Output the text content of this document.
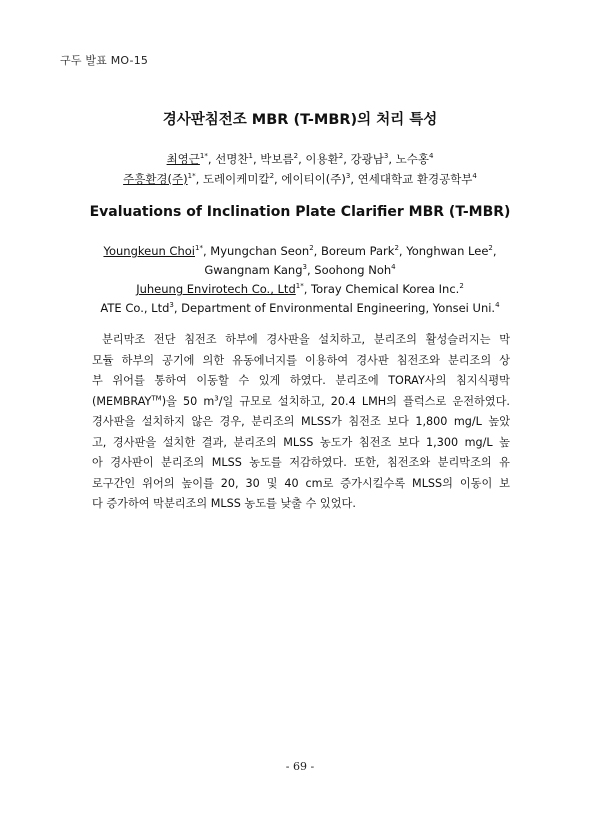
구두 발표 MO-15
경사판침전조 MBR (T-MBR)의 처리 특성
최영근$^{1*}$, 선명찬$^1$, 박보름$^2$, 이용환$^2$, 강광남$^3$, 노수홍$^4$
주흥환경(주)$^{1*}$, 도레이케미칼$^2$, 에이티이(주)$^3$, 연세대학교 환경공학부$^4$
Evaluations of Inclination Plate Clarifier MBR (T-MBR)
Youngkeun Choi$^{1*}$, Myungchan Seon$^2$, Boreum Park$^2$, Yonghwan Lee$^2$,
Gwangnam Kang$^3$, Soohong Noh$^4$
Juheung Envirotech Co., Ltd$^{1*}$, Toray Chemical Korea Inc.$^2$
ATE Co., Ltd$^3$, Department of Environmental Engineering, Yonsei Uni.$^4$
분리막조 전단 침전조 하부에 경사판을 설치하고, 분리조의 활성슬러지는 막
모듈 하부의 공기에 의한 유동에너지를 이용하여 경사판 침전조와 분리조의 상
부 위어를 통하여 이동할 수 있게 하였다. 분리조에 TORAY사의 침지식평막
(MEMBRAY™)을 50 $m^3/$일 규모로 설치하고, 20.4 LMH의 플럭스로 운전하였다.
경사판을 설치하지 않은 경우, 분리조의 MLSS가 침전조 보다 1,800 mg/L 높았
고, 경사판을 설치한 결과, 분리조의 MLSS 농도가 침전조 보다 1,300 mg/L 높
아 경사판이 분리조의 MLSS 농도를 저감하였다. 또한, 침전조와 분리막조의 유
로구간인 위어의 높이를 20, 30 및 40 cm로 증가시킬수록 MLSS의 이동이 보
다 증가하여 막분리조의 MLSS 농도를 낮출 수 있었다.
- 69 -
